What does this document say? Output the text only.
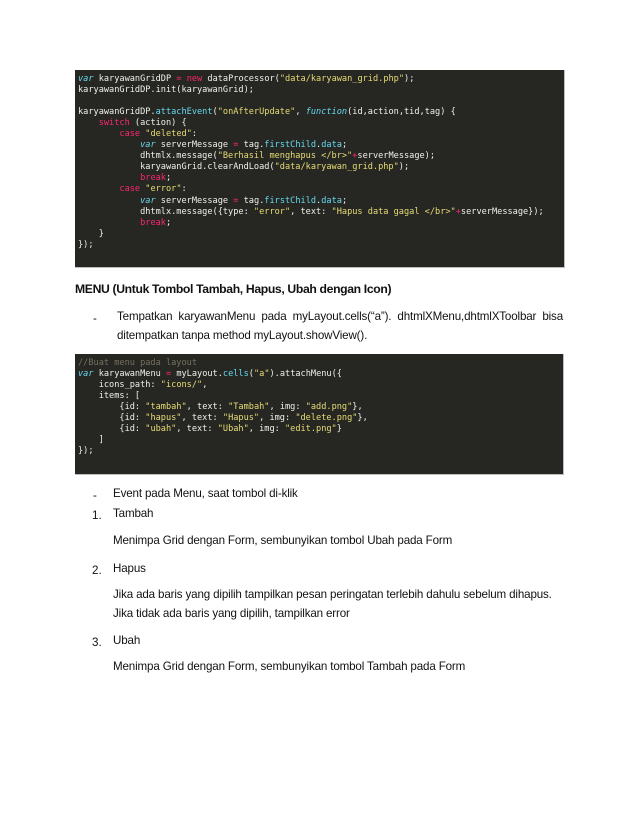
var karyawanGridDP = new dataProcessor("data/karyawan_grid.php");
karyawanGridDP.init(karyawanGrid);

karyawanGridDP.attachEvent("onAfterUpdate", function(id,action,tid,tag) {
switch (action) {
case "deleted":
var serverMessage = tag.firstChild.data;
dhtmlx.message("Berhasil menghapus </br>"+serverMessage);
karyawanGrid.clearAndLoad("data/karyawan_grid.php");
break;
case "error":
var serverMessage = tag.firstChild.data;
dhtmlx.message({type: "error", text: "Hapus data gagal </br>"+serverMessage});
break;
}
});
MENU (Untuk Tombol Tambah, Hapus, Ubah dengan Icon)
- Tempatkan karyawanMenu pada myLayout.cells(“a”). dhtmlXMenu,dhtmlXToolbar bisa ditempatkan tanpa method myLayout.showView().
//Buat menu pada layout
var karyawanMenu = myLayout.cells("a").attachMenu({
icons_path: "icons/",
items: [
{id: "tambah", text: "Tambah", img: "add.png"},
{id: "hapus", text: "Hapus", img: "delete.png"},
{id: "ubah", text: "Ubah", img: "edit.png"}
]
});
- Event pada Menu, saat tombol di-klik
1. Tambah
Menimpa Grid dengan Form, sembunyikan tombol Ubah pada Form
2. Hapus
Jika ada baris yang dipilih tampilkan pesan peringatan terlebih dahulu sebelum dihapus. Jika tidak ada baris yang dipilih, tampilkan error
3. Ubah
Menimpa Grid dengan Form, sembunyikan tombol Tambah pada Form
